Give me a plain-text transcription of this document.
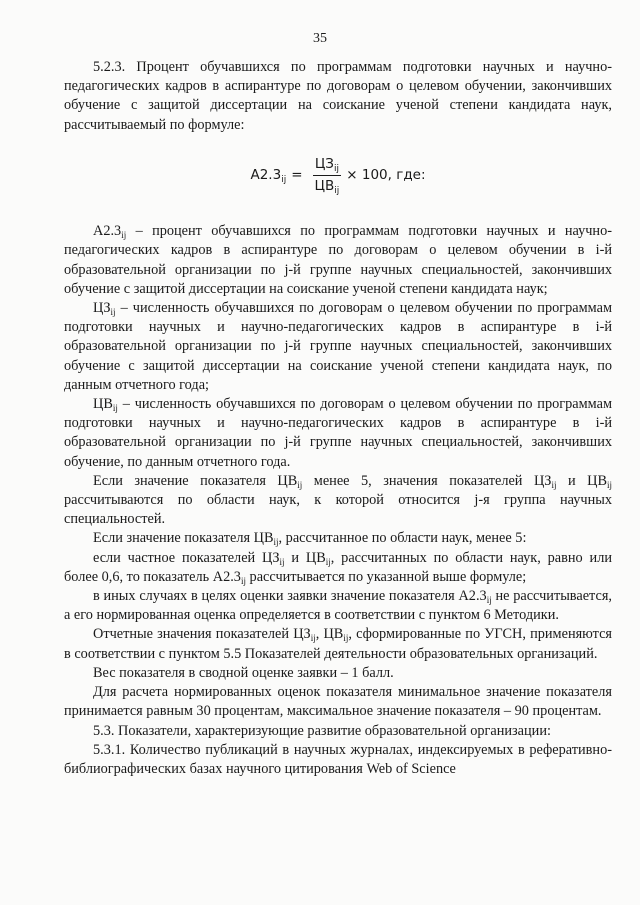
35

5.2.3. Процент обучавшихся по программам подготовки научных и научно-педагогических кадров в аспирантуре по договорам о целевом обучении, закончивших обучение с защитой диссертации на соискание ученой степени кандидата наук, рассчитываемый по формуле:

$A2.3_{ij} = \frac{ЦЗ_{ij}}{ЦВ_{ij}} \times 100$, где:

$A2.3_{ij}$ – процент обучавшихся по программам подготовки научных и научно-педагогических кадров в аспирантуре по договорам о целевом обучении в i-й образовательной организации по j-й группе научных специальностей, закончивших обучение с защитой диссертации на соискание ученой степени кандидата наук;

$ЦЗ_{ij}$ – численность обучавшихся по договорам о целевом обучении по программам подготовки научных и научно-педагогических кадров в аспирантуре в i-й образовательной организации по j-й группе научных специальностей, закончивших обучение с защитой диссертации на соискание ученой степени кандидата наук, по данным отчетного года;

$ЦВ_{ij}$ – численность обучавшихся по договорам о целевом обучении по программам подготовки научных и научно-педагогических кадров в аспирантуре в i-й образовательной организации по j-й группе научных специальностей, закончивших обучение, по данным отчетного года.

Если значение показателя $ЦВ_{ij}$ менее 5, значения показателей $ЦЗ_{ij}$ и $ЦВ_{ij}$ рассчитываются по области наук, к которой относится j-я группа научных специальностей.

Если значение показателя $ЦВ_{ij}$, рассчитанное по области наук, менее 5:

если частное показателей $ЦЗ_{ij}$ и $ЦВ_{ij}$, рассчитанных по области наук, равно или более 0,6, то показатель $А2.3_{ij}$ рассчитывается по указанной выше формуле;

в иных случаях в целях оценки заявки значение показателя $А2.3_{ij}$ не рассчитывается, а его нормированная оценка определяется в соответствии с пунктом 6 Методики.

Отчетные значения показателей $ЦЗ_{ij}$, $ЦВ_{ij}$, сформированные по УГСН, применяются в соответствии с пунктом 5.5 Показателей деятельности образовательных организаций.

Вес показателя в сводной оценке заявки – 1 балл.

Для расчета нормированных оценок показателя минимальное значение показателя принимается равным 30 процентам, максимальное значение показателя – 90 процентам.

5.3. Показатели, характеризующие развитие образовательной организации:

5.3.1. Количество публикаций в научных журналах, индексируемых в реферативно-библиографических базах научного цитирования Web of Science
